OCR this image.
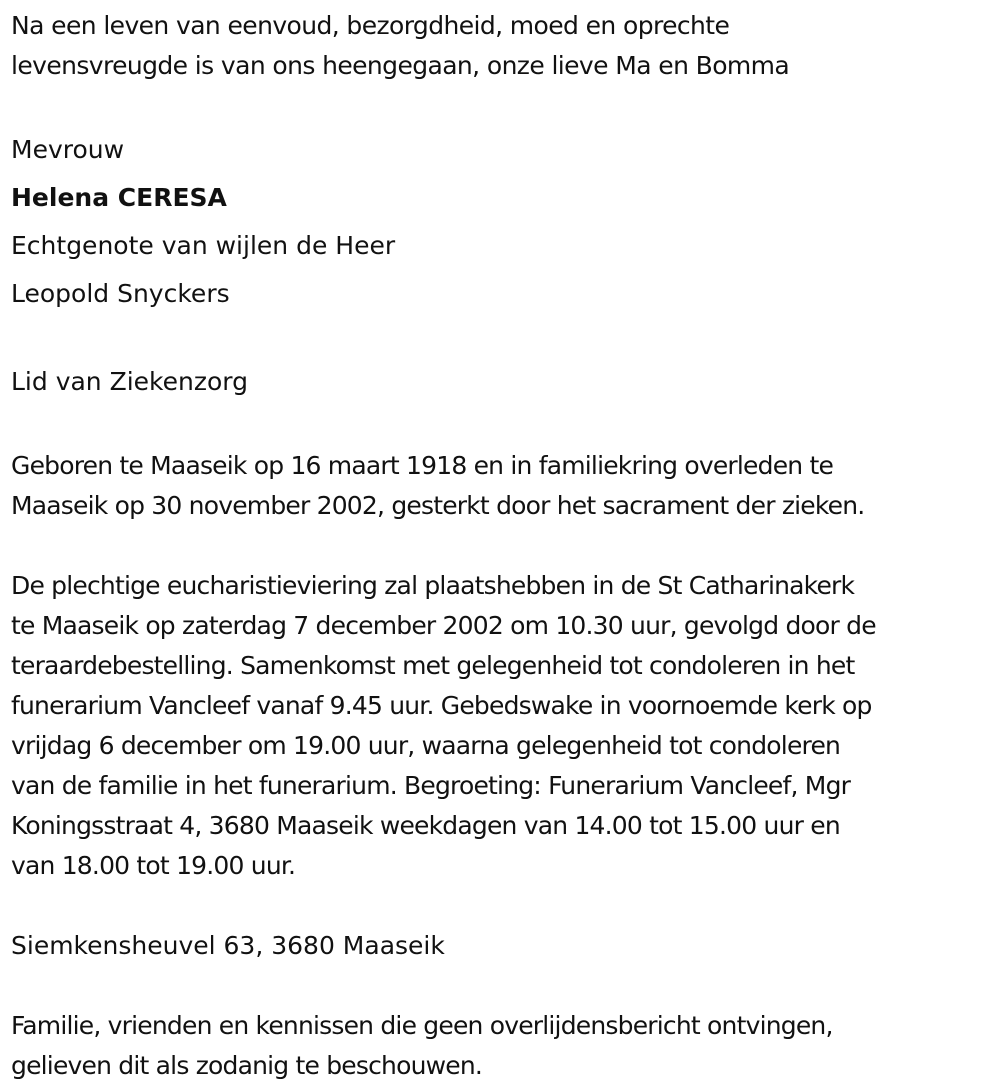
Na een leven van eenvoud, bezorgdheid, moed en oprechte
levensvreugde is van ons heengegaan, onze lieve Ma en Bomma

Mevrouw
Helena CERESA
Echtgenote van wijlen de Heer
Leopold Snyckers
Lid van Ziekenzorg

Geboren te Maaseik op 16 maart 1918 en in familiekring overleden te
Maaseik op 30 november 2002, gesterkt door het sacrament der zieken.

De plechtige eucharistieviering zal plaatshebben in de St Catharinakerk
te Maaseik op zaterdag 7 december 2002 om 10.30 uur, gevolgd door de
teraardebestelling. Samenkomst met gelegenheid tot condoleren in het
funerarium Vancleef vanaf 9.45 uur. Gebedswake in voornoemde kerk op
vrijdag 6 december om 19.00 uur, waarna gelegenheid tot condoleren
van de familie in het funerarium. Begroeting: Funerarium Vancleef, Mgr
Koningsstraat 4, 3680 Maaseik weekdagen van 14.00 tot 15.00 uur en
van 18.00 tot 19.00 uur.

Siemkensheuvel 63, 3680 Maaseik

Familie, vrienden en kennissen die geen overlijdensbericht ontvingen,
gelieven dit als zodanig te beschouwen.
